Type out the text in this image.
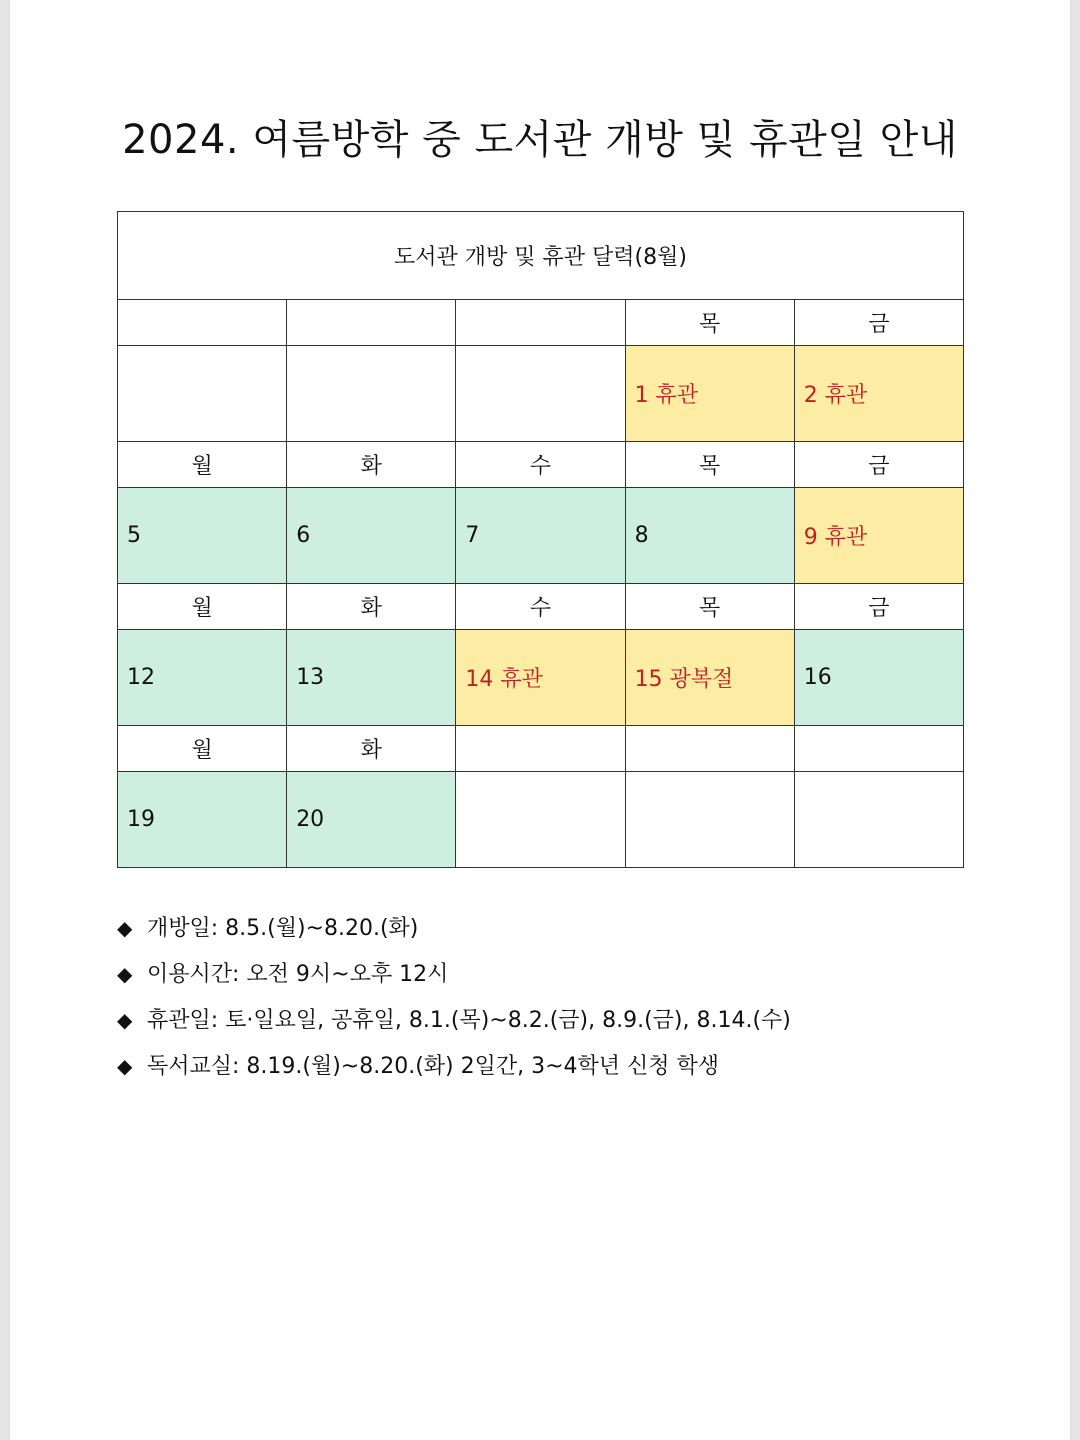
2024. 여름방학 중 도서관 개방 및 휴관일 안내
도서관 개방 및 휴관 달력(8월)				
			목	금
			1 휴관	2 휴관
월	화	수	목	금
5	6	7	8	9 휴관
월	화	수	목	금
12	13	14 휴관	15 광복절	16
월	화			
19	20			
◆ 개방일: 8.5.(월)~8.20.(화)
◆ 이용시간: 오전 9시~오후 12시
◆ 휴관일: 토·일요일, 공휴일, 8.1.(목)~8.2.(금), 8.9.(금), 8.14.(수)
◆ 독서교실: 8.19.(월)~8.20.(화) 2일간, 3~4학년 신청 학생
